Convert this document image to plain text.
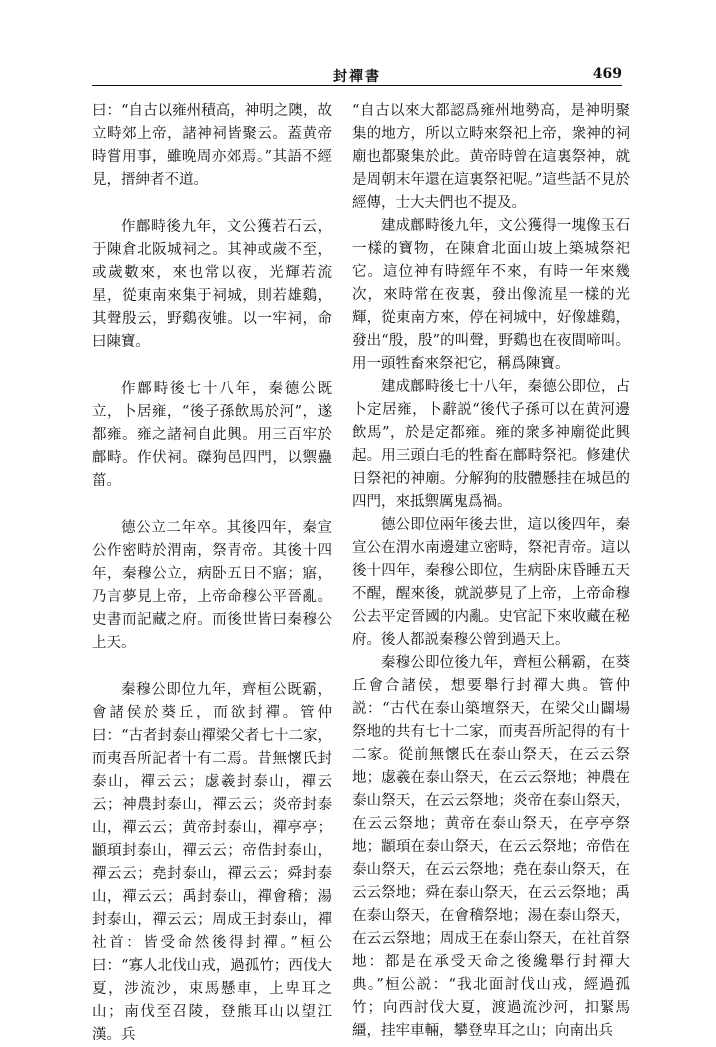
封禪書	469

曰：“自古以雍州積高，神明之隩，故立畤郊上帝，諸神祠皆聚云。蓋黄帝時嘗用事，雖晚周亦郊焉。”其語不經見，搢紳者不道。

作鄜畤後九年，文公獲若石云，于陳倉北阪城祠之。其神或歲不至，或歲數來，來也常以夜，光輝若流星，從東南來集于祠城，則若雄鷄，其聲殷云，野鷄夜雊。以一牢祠，命曰陳寶。

作鄜畤後七十八年，秦德公既立，卜居雍，“後子孫飲馬於河”，遂都雍。雍之諸祠自此興。用三百牢於鄜畤。作伏祠。磔狗邑四門，以禦蠱菑。

德公立二年卒。其後四年，秦宣公作密畤於渭南，祭青帝。其後十四年，秦穆公立，病卧五日不寤；寤，乃言夢見上帝，上帝命穆公平晉亂。史書而記藏之府。而後世皆曰秦穆公上天。

秦穆公即位九年，齊桓公既霸，會諸侯於葵丘，而欲封禪。管仲曰：“古者封泰山禪梁父者七十二家，而夷吾所記者十有二焉。昔無懷氏封泰山，禪云云；虙羲封泰山，禪云云；神農封泰山，禪云云；炎帝封泰山，禪云云；黄帝封泰山，禪亭亭；顓頊封泰山，禪云云；帝俈封泰山，禪云云；堯封泰山，禪云云；舜封泰山，禪云云；禹封泰山，禪會稽；湯封泰山，禪云云；周成王封泰山，禪社首：皆受命然後得封禪。”桓公曰：“寡人北伐山戎，過孤竹；西伐大夏，涉流沙，束馬懸車，上卑耳之山；南伐至召陵，登熊耳山以望江漢。兵

“自古以來大都認爲雍州地勢高，是神明聚集的地方，所以立畤來祭祀上帝，衆神的祠廟也都聚集於此。黄帝時曾在這裏祭神，就是周朝末年還在這裏祭祀呢。”這些話不見於經傳，士大夫們也不提及。

建成鄜畤後九年，文公獲得一塊像玉石一樣的寶物，在陳倉北面山坡上築城祭祀它。這位神有時經年不來，有時一年來幾次，來時常在夜裏，發出像流星一樣的光輝，從東南方來，停在祠城中，好像雄鷄，發出“殷，殷”的叫聲，野鷄也在夜間啼叫。用一頭牲畜來祭祀它，稱爲陳寶。

建成鄜畤後七十八年，秦德公即位，占卜定居雍，卜辭説“後代子孫可以在黄河邊飲馬”，於是定都雍。雍的衆多神廟從此興起。用三頭白毛的牲畜在鄜畤祭祀。修建伏日祭祀的神廟。分解狗的肢體懸挂在城邑的四門，來抵禦厲鬼爲禍。

德公即位兩年後去世，這以後四年，秦宣公在渭水南邊建立密畤，祭祀青帝。這以後十四年，秦穆公即位，生病卧床昏睡五天不醒，醒來後，就説夢見了上帝，上帝命穆公去平定晉國的内亂。史官記下來收藏在秘府。後人都説秦穆公曾到過天上。

秦穆公即位後九年，齊桓公稱霸，在葵丘會合諸侯，想要舉行封禪大典。管仲説：“古代在泰山築壇祭天，在梁父山闢場祭地的共有七十二家，而夷吾所記得的有十二家。從前無懷氏在泰山祭天，在云云祭地；虙羲在泰山祭天，在云云祭地；神農在泰山祭天，在云云祭地；炎帝在泰山祭天，在云云祭地；黄帝在泰山祭天，在亭亭祭地；顓頊在泰山祭天，在云云祭地；帝俈在泰山祭天，在云云祭地；堯在泰山祭天，在云云祭地；舜在泰山祭天，在云云祭地；禹在泰山祭天，在會稽祭地；湯在泰山祭天，在云云祭地；周成王在泰山祭天，在社首祭地：都是在承受天命之後纔舉行封禪大典。”桓公説：“我北面討伐山戎，經過孤竹；向西討伐大夏，渡過流沙河，扣緊馬繮，挂牢車輛，攀登卑耳之山；向南出兵
